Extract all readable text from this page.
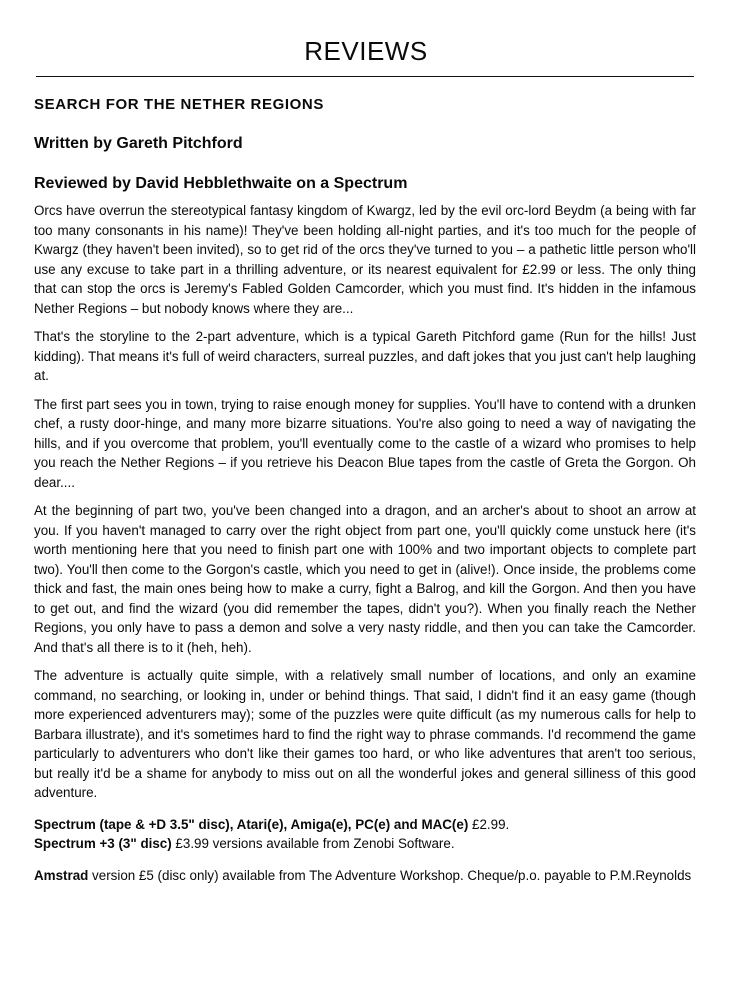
REVIEWS
SEARCH FOR THE NETHER REGIONS
Written by Gareth Pitchford
Reviewed by David Hebblethwaite on a Spectrum

Orcs have overrun the stereotypical fantasy kingdom of Kwargz, led by the evil orc-lord Beydm (a being with far too many consonants in his name)! They've been holding all-night parties, and it's too much for the people of Kwargz (they haven't been invited), so to get rid of the orcs they've turned to you – a pathetic little person who'll use any excuse to take part in a thrilling adventure, or its nearest equivalent for £2.99 or less. The only thing that can stop the orcs is Jeremy's Fabled Golden Camcorder, which you must find. It's hidden in the infamous Nether Regions – but nobody knows where they are...

That's the storyline to the 2-part adventure, which is a typical Gareth Pitchford game (Run for the hills! Just kidding). That means it's full of weird characters, surreal puzzles, and daft jokes that you just can't help laughing at.

The first part sees you in town, trying to raise enough money for supplies. You'll have to contend with a drunken chef, a rusty door-hinge, and many more bizarre situations. You're also going to need a way of navigating the hills, and if you overcome that problem, you'll eventually come to the castle of a wizard who promises to help you reach the Nether Regions – if you retrieve his Deacon Blue tapes from the castle of Greta the Gorgon. Oh dear....

At the beginning of part two, you've been changed into a dragon, and an archer's about to shoot an arrow at you. If you haven't managed to carry over the right object from part one, you'll quickly come unstuck here (it's worth mentioning here that you need to finish part one with 100% and two important objects to complete part two). You'll then come to the Gorgon's castle, which you need to get in (alive!). Once inside, the problems come thick and fast, the main ones being how to make a curry, fight a Balrog, and kill the Gorgon. And then you have to get out, and find the wizard (you did remember the tapes, didn't you?). When you finally reach the Nether Regions, you only have to pass a demon and solve a very nasty riddle, and then you can take the Camcorder. And that's all there is to it (heh, heh).

The adventure is actually quite simple, with a relatively small number of locations, and only an examine command, no searching, or looking in, under or behind things. That said, I didn't find it an easy game (though more experienced adventurers may); some of the puzzles were quite difficult (as my numerous calls for help to Barbara illustrate), and it's sometimes hard to find the right way to phrase commands. I'd recommend the game particularly to adventurers who don't like their games too hard, or who like adventures that aren't too serious, but really it'd be a shame for anybody to miss out on all the wonderful jokes and general silliness of this good adventure.

Spectrum (tape & +D 3.5" disc), Atari(e), Amiga(e), PC(e) and MAC(e) £2.99.
Spectrum +3 (3" disc) £3.99 versions available from Zenobi Software.

Amstrad version £5 (disc only) available from The Adventure Workshop. Cheque/p.o. payable to P.M.Reynolds
